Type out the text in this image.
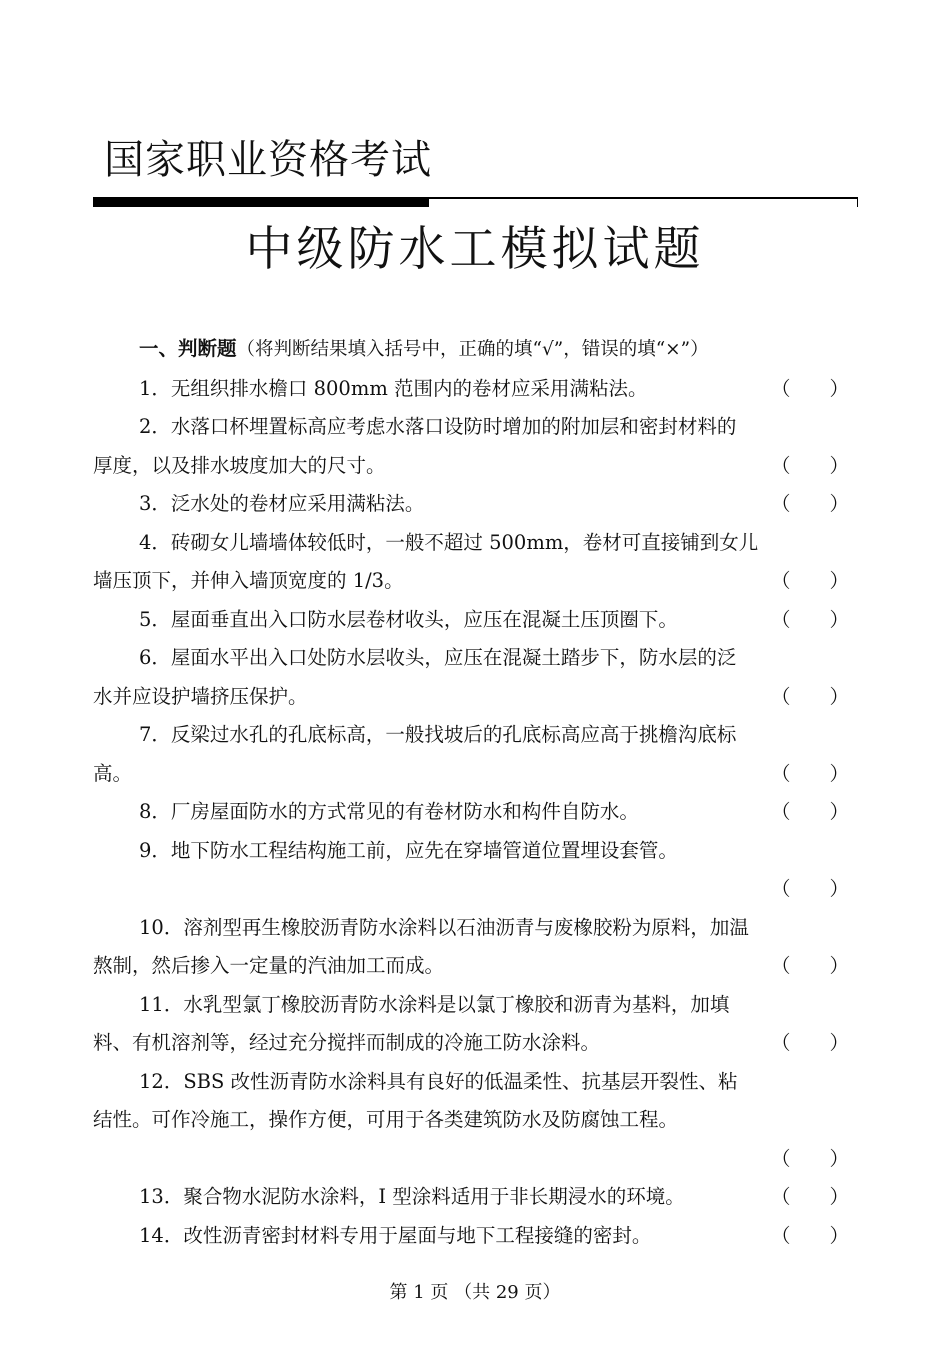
国家职业资格考试
中级防水工模拟试题
一、判断题（将判断结果填入括号中，正确的填“√”，错误的填“×”）
1．无组织排水檐口 800mm 范围内的卷材应采用满粘法。	（　　）
2．水落口杯埋置标高应考虑水落口设防时增加的附加层和密封材料的
厚度，以及排水坡度加大的尺寸。	（　　）
3．泛水处的卷材应采用满粘法。	（　　）
4．砖砌女儿墙墙体较低时，一般不超过 500mm，卷材可直接铺到女儿
墙压顶下，并伸入墙顶宽度的 1/3。	（　　）
5．屋面垂直出入口防水层卷材收头，应压在混凝土压顶圈下。	（　　）
6．屋面水平出入口处防水层收头，应压在混凝土踏步下，防水层的泛
水并应设护墙挤压保护。	（　　）
7．反梁过水孔的孔底标高，一般找坡后的孔底标高应高于挑檐沟底标
高。	（　　）
8．厂房屋面防水的方式常见的有卷材防水和构件自防水。	（　　）
9．地下防水工程结构施工前，应先在穿墙管道位置埋设套管。
（　　）
10．溶剂型再生橡胶沥青防水涂料以石油沥青与废橡胶粉为原料，加温
熬制，然后掺入一定量的汽油加工而成。	（　　）
11．水乳型氯丁橡胶沥青防水涂料是以氯丁橡胶和沥青为基料，加填
料、有机溶剂等，经过充分搅拌而制成的冷施工防水涂料。	（　　）
12．SBS 改性沥青防水涂料具有良好的低温柔性、抗基层开裂性、粘
结性。可作冷施工，操作方便，可用于各类建筑防水及防腐蚀工程。
（　　）
13．聚合物水泥防水涂料，I 型涂料适用于非长期浸水的环境。	（　　）
14．改性沥青密封材料专用于屋面与地下工程接缝的密封。	（　　）
第 1 页 （共 29 页）
